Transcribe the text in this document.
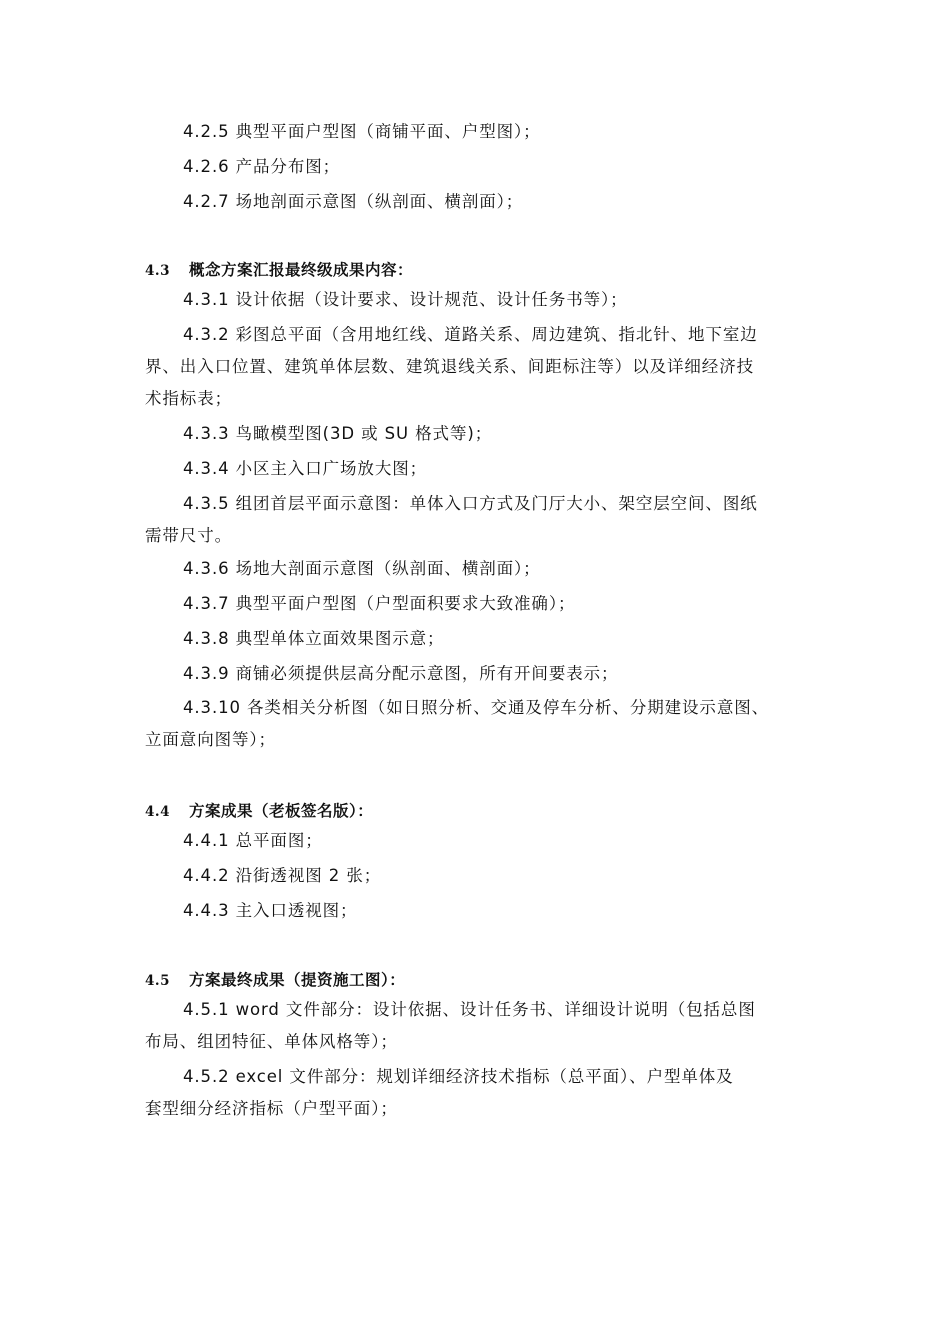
4.2.5 典型平面户型图（商铺平面、户型图）；
4.2.6 产品分布图；
4.2.7 场地剖面示意图（纵剖面、横剖面）；
4.3 概念方案汇报最终级成果内容：
4.3.1 设计依据（设计要求、设计规范、设计任务书等）；
4.3.2 彩图总平面（含用地红线、道路关系、周边建筑、指北针、地下室边
界、出入口位置、建筑单体层数、建筑退线关系、间距标注等）以及详细经济技
术指标表；
4.3.3 鸟瞰模型图(3D 或 SU 格式等)；
4.3.4 小区主入口广场放大图；
4.3.5 组团首层平面示意图：单体入口方式及门厅大小、架空层空间、图纸
需带尺寸。
4.3.6 场地大剖面示意图（纵剖面、横剖面）；
4.3.7 典型平面户型图（户型面积要求大致准确）；
4.3.8 典型单体立面效果图示意；
4.3.9 商铺必须提供层高分配示意图，所有开间要表示；
4.3.10 各类相关分析图（如日照分析、交通及停车分析、分期建设示意图、
立面意向图等）；
4.4 方案成果（老板签名版）：
4.4.1 总平面图；
4.4.2 沿街透视图 2 张；
4.4.3 主入口透视图；
4.5 方案最终成果（提资施工图）：
4.5.1 word 文件部分：设计依据、设计任务书、详细设计说明（包括总图
布局、组团特征、单体风格等）；
4.5.2 excel 文件部分：规划详细经济技术指标（总平面）、户型单体及
套型细分经济指标（户型平面）；
